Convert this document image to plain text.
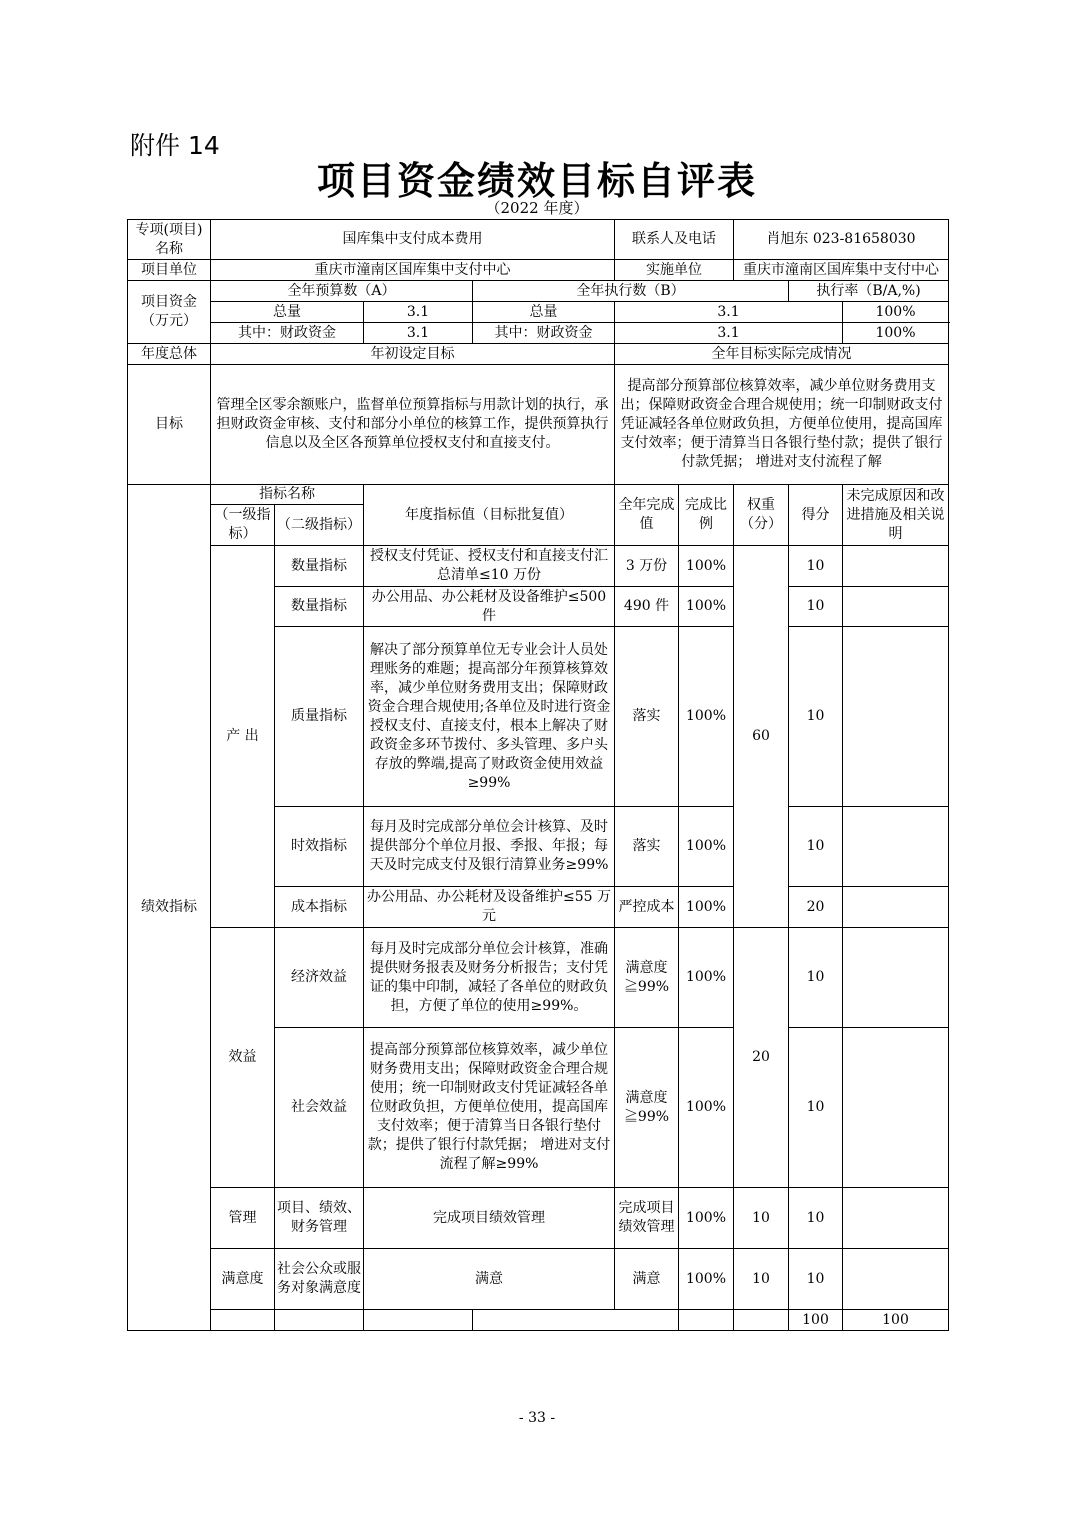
附件 14
项目资金绩效目标自评表
（2022 年度）
专项(项目)名称	国库集中支付成本费用				联系人及电话		肖旭东 023-81658030			
项目单位	重庆市潼南区国库集中支付中心				实施单位		重庆市潼南区国库集中支付中心			
项目资金（万元）	全年预算数（A）			全年执行数（B）				执行率（B/A,%)		
	总量		3.1	总量	3.1				100%	
	其中：财政资金		3.1	其中：财政资金	3.1				100%	
年度总体	年初设定目标				全年目标实际完成情况					
目标	管理全区零余额账户，监督单位预算指标与用款计划的执行，承担财政资金审核、支付和部分小单位的核算工作，提供预算执行信息以及全区各预算单位授权支付和直接支付。				提高部分预算部位核算效率，减少单位财务费用支出；保障财政资金合理合规使用；统一印制财政支付凭证减轻各单位财政负担，方便单位使用，提高国库支付效率；便于清算当日各银行垫付款；提供了银行付款凭据； 增进对支付流程了解					
绩效指标	指标名称		年度指标值（目标批复值）		全年完成值	完成比例	权重（分）	得分	未完成原因和改进措施及相关说明	
	（一级指标）	（二级指标）								
	产 出	数量指标	授权支付凭证、授权支付和直接支付汇总清单≤10 万份		3 万份	100%	60	10		
		数量指标	办公用品、办公耗材及设备维护≤500 件		490 件	100%		10		
		质量指标	解决了部分预算单位无专业会计人员处理账务的难题；提高部分年预算核算效率，减少单位财务费用支出；保障财政资金合理合规使用;各单位及时进行资金授权支付、直接支付，根本上解决了财政资金多环节拨付、多头管理、多户头存放的弊端,提高了财政资金使用效益≥99%		落实	100%		10		
		时效指标	每月及时完成部分单位会计核算、及时提供部分个单位月报、季报、年报；每天及时完成支付及银行清算业务≥99%		落实	100%		10		
		成本指标	办公用品、办公耗材及设备维护≤55 万元		严控成本	100%		20		
	效益	经济效益	每月及时完成部分单位会计核算，准确提供财务报表及财务分析报告；支付凭证的集中印制，减轻了各单位的财政负担，方便了单位的使用≥99%。		满意度≧99%	100%	20	10		
		社会效益	提高部分预算部位核算效率，减少单位财务费用支出；保障财政资金合理合规使用；统一印制财政支付凭证减轻各单位财政负担，方便单位使用，提高国库支付效率；便于清算当日各银行垫付款；提供了银行付款凭据； 增进对支付流程了解≥99%		满意度≧99%	100%		10		
	管理	项目、绩效、财务管理	完成项目绩效管理		完成项目绩效管理	100%	10	10		
	满意度	社会公众或服务对象满意度	满意		满意	100%	10	10		
								100	100	
- 33 -
